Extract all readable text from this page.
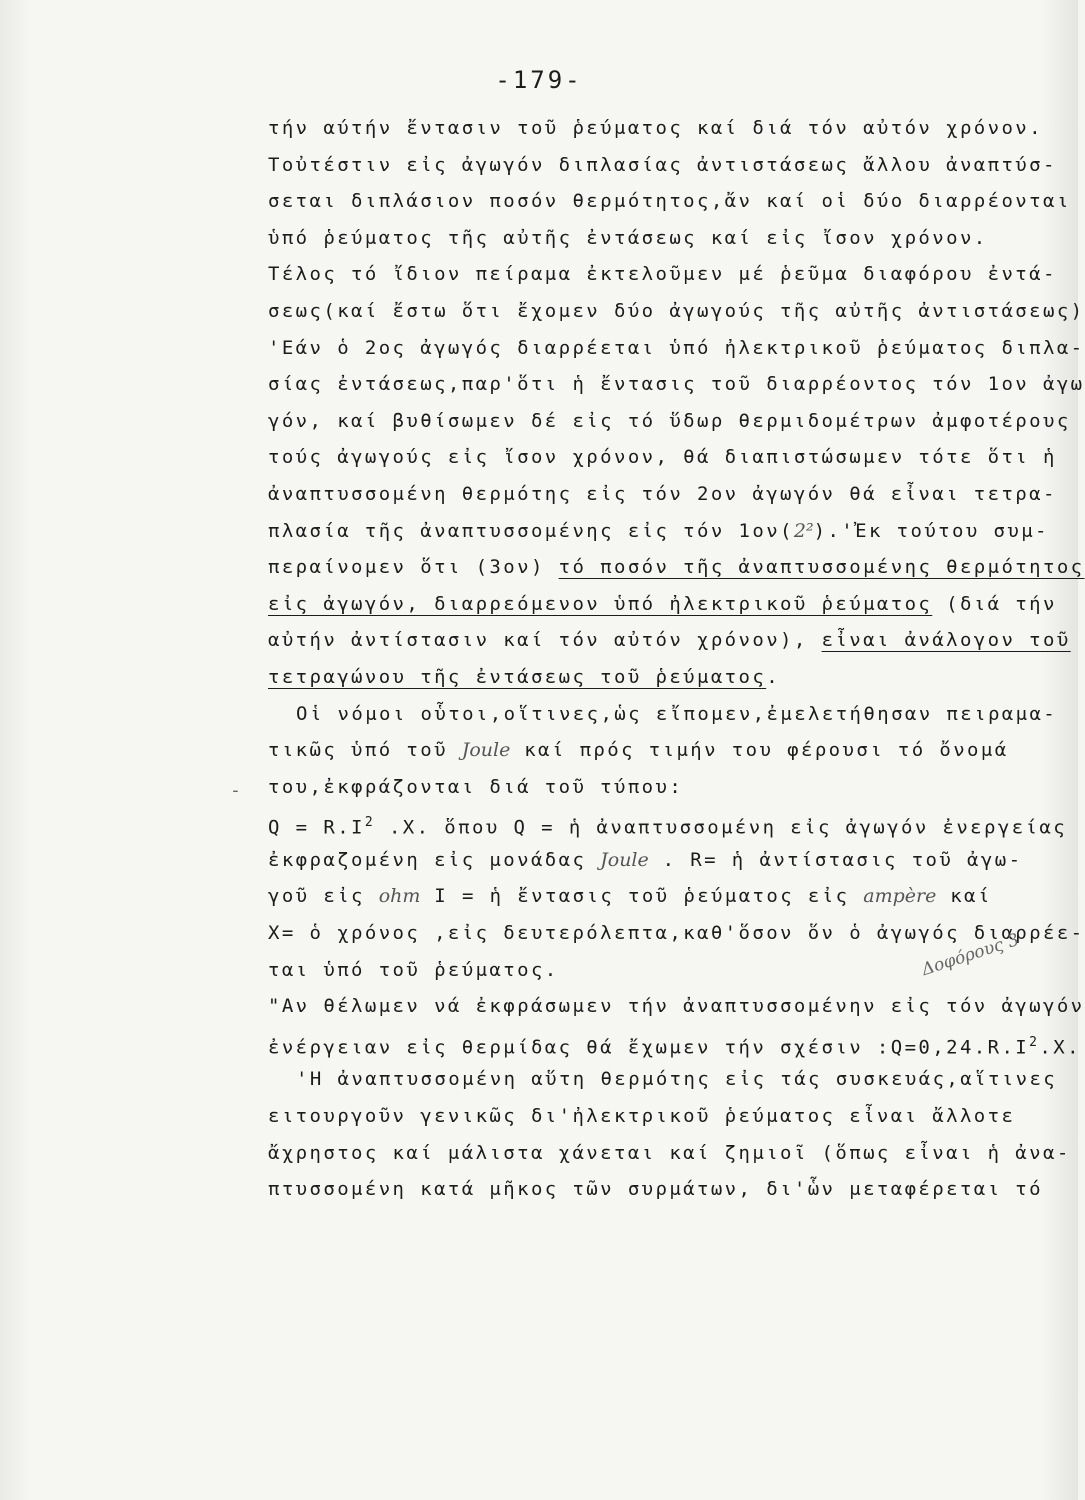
-179-
τήν αύτήν ἔντασιν τοῦ ῥεύματος καί διά τόν αὐτόν χρόνον.
Τοὐτέστιν εἰς ἀγωγόν διπλασίας ἀντιστάσεως ἄλλου ἀναπτύσ-
σεται διπλάσιον ποσόν θερμότητος,ἄν καί οἱ δύο διαρρέονται
ὑπό ῥεύματος τῆς αὐτῆς ἐντάσεως καί εἰς ἴσον χρόνον.
Τέλος τό ἴδιον πείραμα ἐκτελοῦμεν μέ ῥεῦμα διαφόρου ἐντά-
σεως(καί ἔστω ὅτι ἔχομεν δύο ἀγωγούς τῆς αὐτῆς ἀντιστάσεως)
'Εάν ὁ 2ος ἀγωγός διαρρέεται ὑπό ἠλεκτρικοῦ ῥεύματος διπλα-
σίας ἐντάσεως,παρ'ὅτι ἡ ἔντασις τοῦ διαρρέοντος τόν 1ον ἀγω
γόν, καί βυθίσωμεν δέ εἰς τό ὕδωρ θερμιδομέτρων ἀμφοτέρους
τούς ἀγωγούς εἰς ἴσον χρόνον, θά διαπιστώσωμεν τότε ὅτι ἡ
ἀναπτυσσομένη θερμότης εἰς τόν 2ον ἀγωγόν θά εἶναι τετρα-
πλασία τῆς ἀναπτυσσομένης εἰς τόν 1ον(2²).'Ἐκ τούτου συμ-
περαίνομεν ὅτι (3ον) τό ποσόν τῆς ἀναπτυσσομένης θερμότητος
εἰς ἀγωγόν, διαρρεόμενον ὑπό ἠλεκτρικοῦ ῥεύματος (διά τήν
αὐτήν ἀντίστασιν καί τόν αὐτόν χρόνον), εἶναι ἀνάλογον τοῦ
τετραγώνου τῆς ἐντάσεως τοῦ ῥεύματος.
Οἱ νόμοι οὗτοι,οἵτινες,ὡς εἴπομεν,ἐμελετήθησαν πειραμα-
τικῶς ὑπό τοῦ Joule καί πρός τιμήν του φέρουσι τό ὄνομά
του,ἐκφράζονται διά τοῦ τύπου:
$Q = R.I^2$ .X. ὅπου Q = ἡ ἀναπτυσσομένη εἰς ἀγωγόν ἐνεργείας
ἐκφραζομένη εἰς μονάδας Joule . R= ἡ ἀντίστασις τοῦ ἀγω-
γοῦ εἰς ohm I = ἡ ἔντασις τοῦ ῥεύματος εἰς ampère καί
X= ὁ χρόνος ,εἰς δευτερόλεπτα,καθ'ὅσον ὅν ὁ ἀγωγός διαρρέε-
ται ὑπό τοῦ ῥεύματος.
"Αν θέλωμεν νά ἐκφράσωμεν τήν ἀναπτυσσομένην εἰς τόν ἀγωγόν
ἐνέργειαν εἰς θερμίδας θά ἔχωμεν τήν σχέσιν $:Q=0,24.R.I^2.X$.
'Η ἀναπτυσσομένη αὕτη θερμότης εἰς τάς συσκευάς,αἵτινες
ειτουργοῦν γενικῶς δι'ἠλεκτρικοῦ ῥεύματος εἶναι ἄλλοτε
ἄχρηστος καί μάλιστα χάνεται καί ζημιοῖ (ὅπως εἶναι ἡ ἀνα-
πτυσσομένη κατά μῆκος τῶν συρμάτων, δι'ὧν μεταφέρεται τό
-
Δοφόρους 3
